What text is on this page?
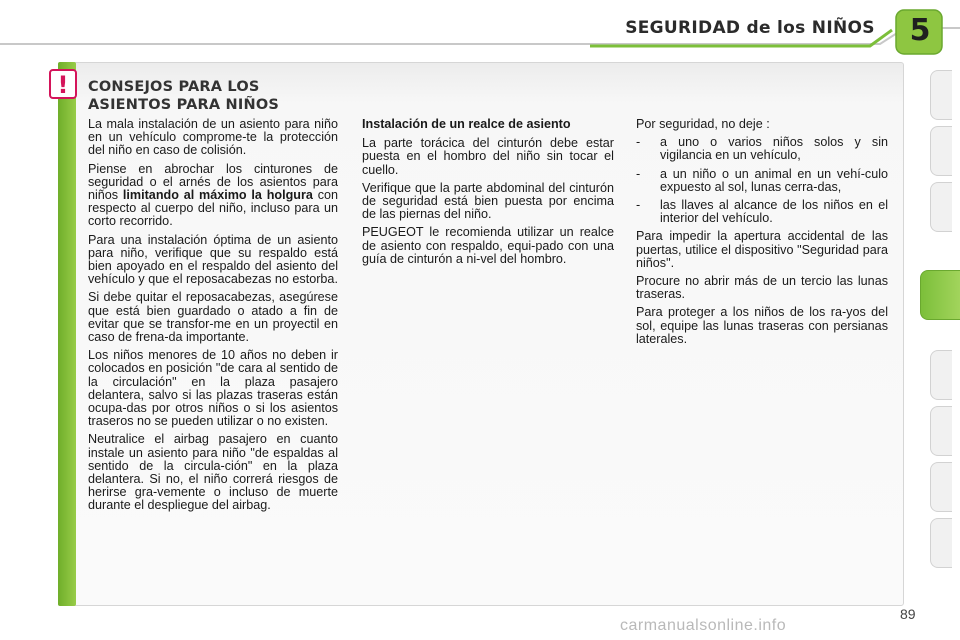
SEGURIDAD de los NIÑOS	5
! CONSEJOS PARA LOS ASIENTOS PARA NIÑOS

La mala instalación de un asiento para niño en un vehículo comprome-te la protección del niño en caso de colisión.

Piense en abrochar los cinturones de seguridad o el arnés de los asientos para niños limitando al máximo la holgura con respecto al cuerpo del niño, incluso para un corto recorrido.

Para una instalación óptima de un asiento para niño, verifique que su respaldo está bien apoyado en el respaldo del asiento del vehículo y que el reposacabezas no estorba.

Si debe quitar el reposacabezas, asegúrese que está bien guardado o atado a fin de evitar que se transfor-me en un proyectil en caso de frena-da importante.

Los niños menores de 10 años no deben ir colocados en posición "de cara al sentido de la circulación" en la plaza pasajero delantera, salvo si las plazas traseras están ocupa-das por otros niños o si los asientos traseros no se pueden utilizar o no existen.

Neutralice el airbag pasajero en cuanto instale un asiento para niño "de espaldas al sentido de la circula-ción" en la plaza delantera. Si no, el niño correrá riesgos de herirse gra-vemente o incluso de muerte durante el despliegue del airbag.

Instalación de un realce de asiento

La parte torácica del cinturón debe estar puesta en el hombro del niño sin tocar el cuello.

Verifique que la parte abdominal del cinturón de seguridad está bien puesta por encima de las piernas del niño.

PEUGEOT le recomienda utilizar un realce de asiento con respaldo, equi-pado con una guía de cinturón a ni-vel del hombro.

Por seguridad, no deje :

-	a uno o varios niños solos y sin vigilancia en un vehículo,
-	a un niño o un animal en un vehí-culo expuesto al sol, lunas cerra-das,
-	las llaves al alcance de los niños en el interior del vehículo.

Para impedir la apertura accidental de las puertas, utilice el dispositivo "Seguridad para niños".

Procure no abrir más de un tercio las lunas traseras.

Para proteger a los niños de los ra-yos del sol, equipe las lunas traseras con persianas laterales.

89
carmanualsonline.info
